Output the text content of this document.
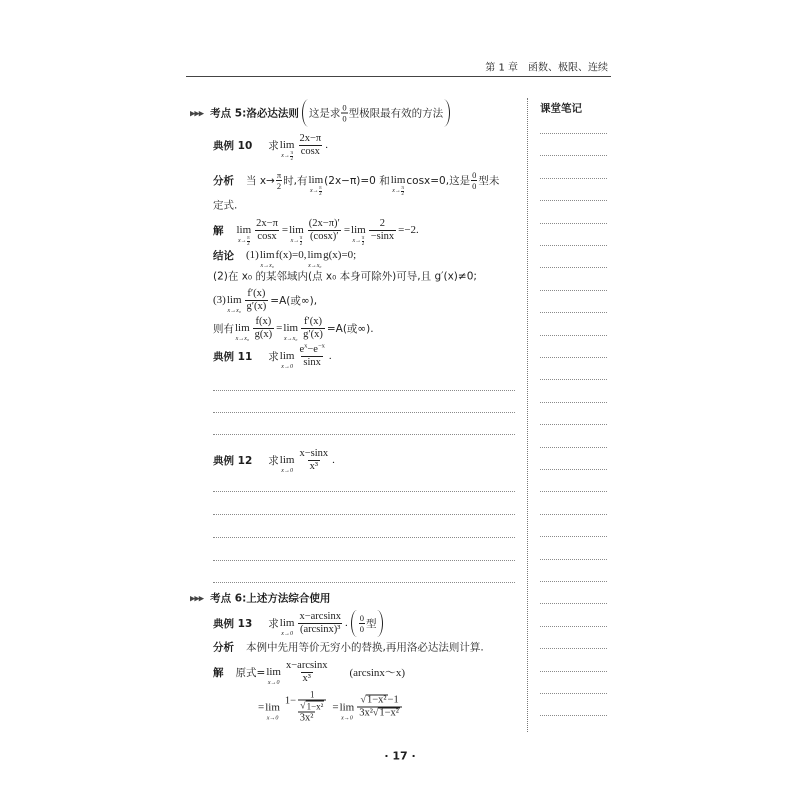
第 1 章　函数、极限、连续
课堂笔记
▶▶▶ 考点 5:洛必达法则 这是求 $\frac{0}{0}$ 型极限最有效的方法
典例 10 求 lim
$x\to \frac{\pi}{2} \frac{2x-\pi}{\cos x}$ .
分析 当 $x\to \frac{\pi}{2}$ 时,有 lim
$x\to \frac{\pi}{2}$
(2x−π)=0 和 lim
$x\to \frac{\pi}{2}$
cosx=0,这是 $\frac{0}{0}$ 型未
定式.
解 lim
$x\to \frac{\pi}{2} \frac{2x-\pi}{\cos x} = \lim$
$x\to \frac{\pi}{2} \frac{(2x-\pi)'}{(\cos x)'} = \lim$
$x\to \frac{\pi}{2} \frac{2}{-\sin x} =-2$.
结论 (1) lim
x→x₀
f(x)=0, lim
x→x₀
g(x)=0;
(2)在 x₀ 的某邻域内(点 x₀ 本身可除外)可导,且 g′(x)≠0;
(3) lim
$x\to x_0 \frac{f'(x)}{g'(x)} =A$(或∞),
则有 lim
$x\to x_0 \frac{f(x)}{g(x)} = \lim$
$x\to x_0 \frac{f'(x)}{g'(x)} =A$(或∞).
典例 11 求 lim
$x\to 0 \frac{e^x-e^{-x}}{\sin x}$ .
典例 12 求 lim
$x\to 0 \frac{x-\sin x}{\text{x³}}$ .
▶▶▶ 考点 6:上述方法综合使用
典例 13 求 lim
$x\to 0 \frac{x-\arcsin x}{\text{(arcsinx)³}}$ . $\frac{0}{0}$ 型
分析 本例中先用等价无穷小的替换,再用洛必达法则计算.
解 原式= lim
$x\to 0 \frac{x-\arcsin x}{\text{x³}}$ (arcsinx～x)
= lim
$x\to 0 \frac{1- \frac{1}{\text{√ 1−x²}}}{\text{3x²}} = \lim$
$x\to 0 \frac{\text{√ 1−x² −1}}{\text{3x² √ 1−x²}}$
· 17 ·
